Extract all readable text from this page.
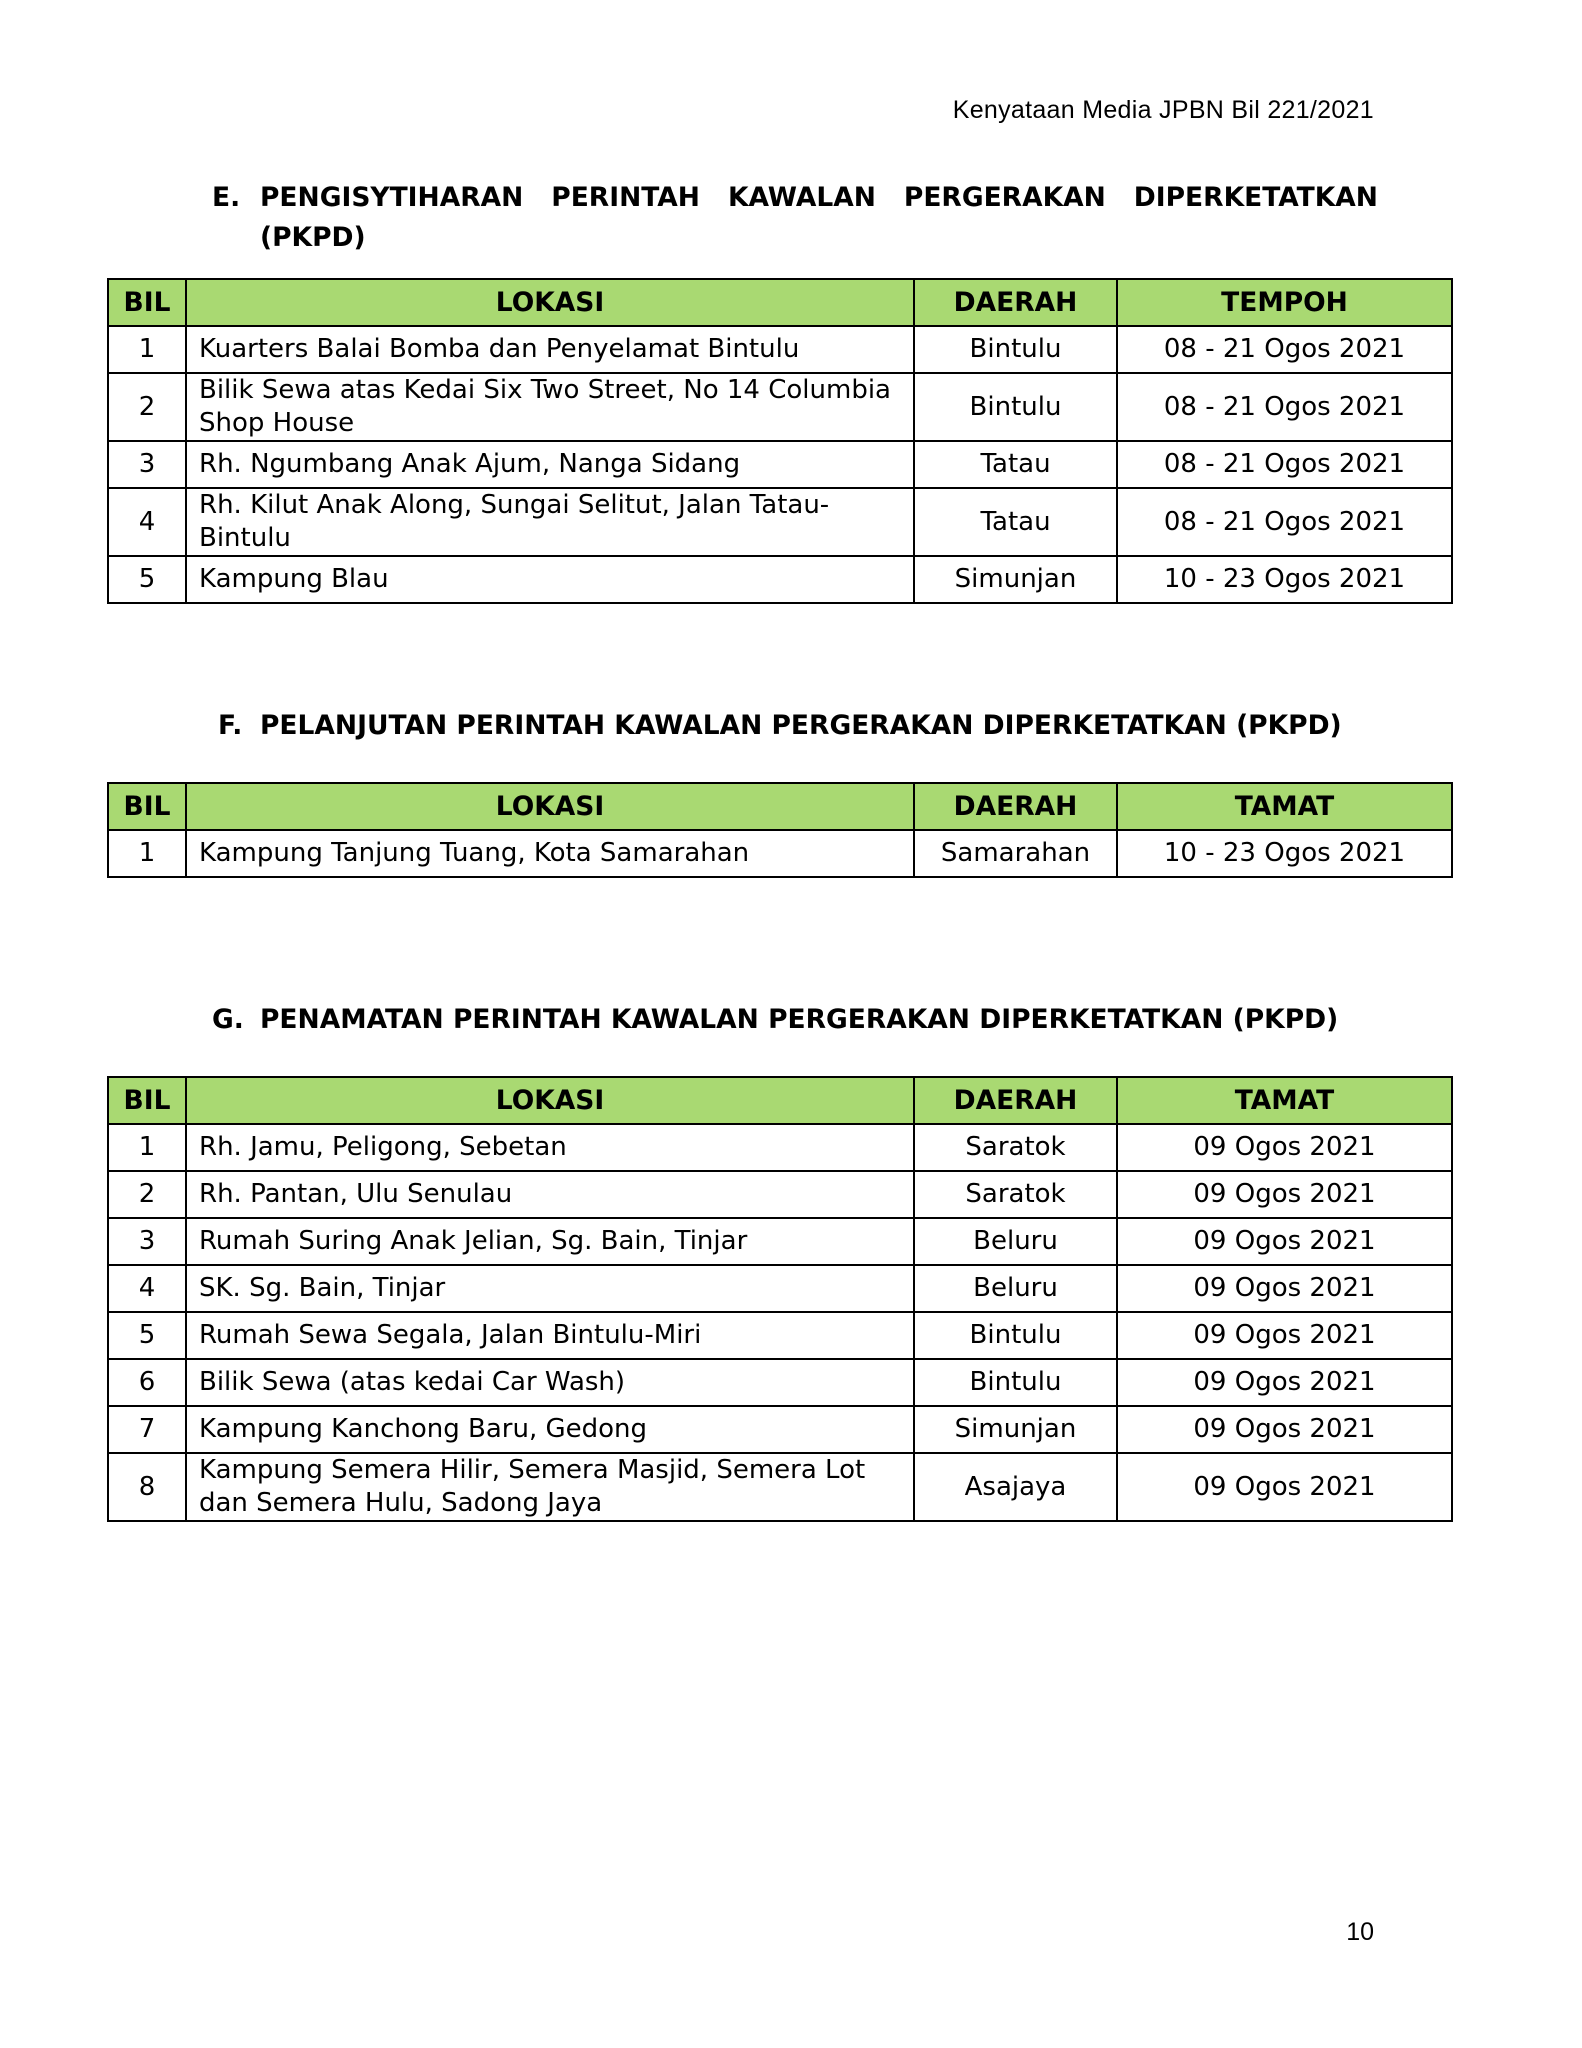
Kenyataan Media JPBN Bil 221/2021
E. PENGISYTIHARAN PERINTAH KAWALAN PERGERAKAN DIPERKETATKAN
(PKPD)
BIL	LOKASI	DAERAH	TEMPOH
1	Kuarters Balai Bomba dan Penyelamat Bintulu	Bintulu	08 - 21 Ogos 2021
2	Bilik Sewa atas Kedai Six Two Street, No 14 Columbia Shop House	Bintulu	08 - 21 Ogos 2021
3	Rh. Ngumbang Anak Ajum, Nanga Sidang	Tatau	08 - 21 Ogos 2021
4	Rh. Kilut Anak Along, Sungai Selitut, Jalan Tatau-Bintulu	Tatau	08 - 21 Ogos 2021
5	Kampung Blau	Simunjan	10 - 23 Ogos 2021
F. PELANJUTAN PERINTAH KAWALAN PERGERAKAN DIPERKETATKAN (PKPD)
BIL	LOKASI	DAERAH	TAMAT
1	Kampung Tanjung Tuang, Kota Samarahan	Samarahan	10 - 23 Ogos 2021
G. PENAMATAN PERINTAH KAWALAN PERGERAKAN DIPERKETATKAN (PKPD)
BIL	LOKASI	DAERAH	TAMAT
1	Rh. Jamu, Peligong, Sebetan	Saratok	09 Ogos 2021
2	Rh. Pantan, Ulu Senulau	Saratok	09 Ogos 2021
3	Rumah Suring Anak Jelian, Sg. Bain, Tinjar	Beluru	09 Ogos 2021
4	SK. Sg. Bain, Tinjar	Beluru	09 Ogos 2021
5	Rumah Sewa Segala, Jalan Bintulu-Miri	Bintulu	09 Ogos 2021
6	Bilik Sewa (atas kedai Car Wash)	Bintulu	09 Ogos 2021
7	Kampung Kanchong Baru, Gedong	Simunjan	09 Ogos 2021
8	Kampung Semera Hilir, Semera Masjid, Semera Lot dan Semera Hulu, Sadong Jaya	Asajaya	09 Ogos 2021
10
